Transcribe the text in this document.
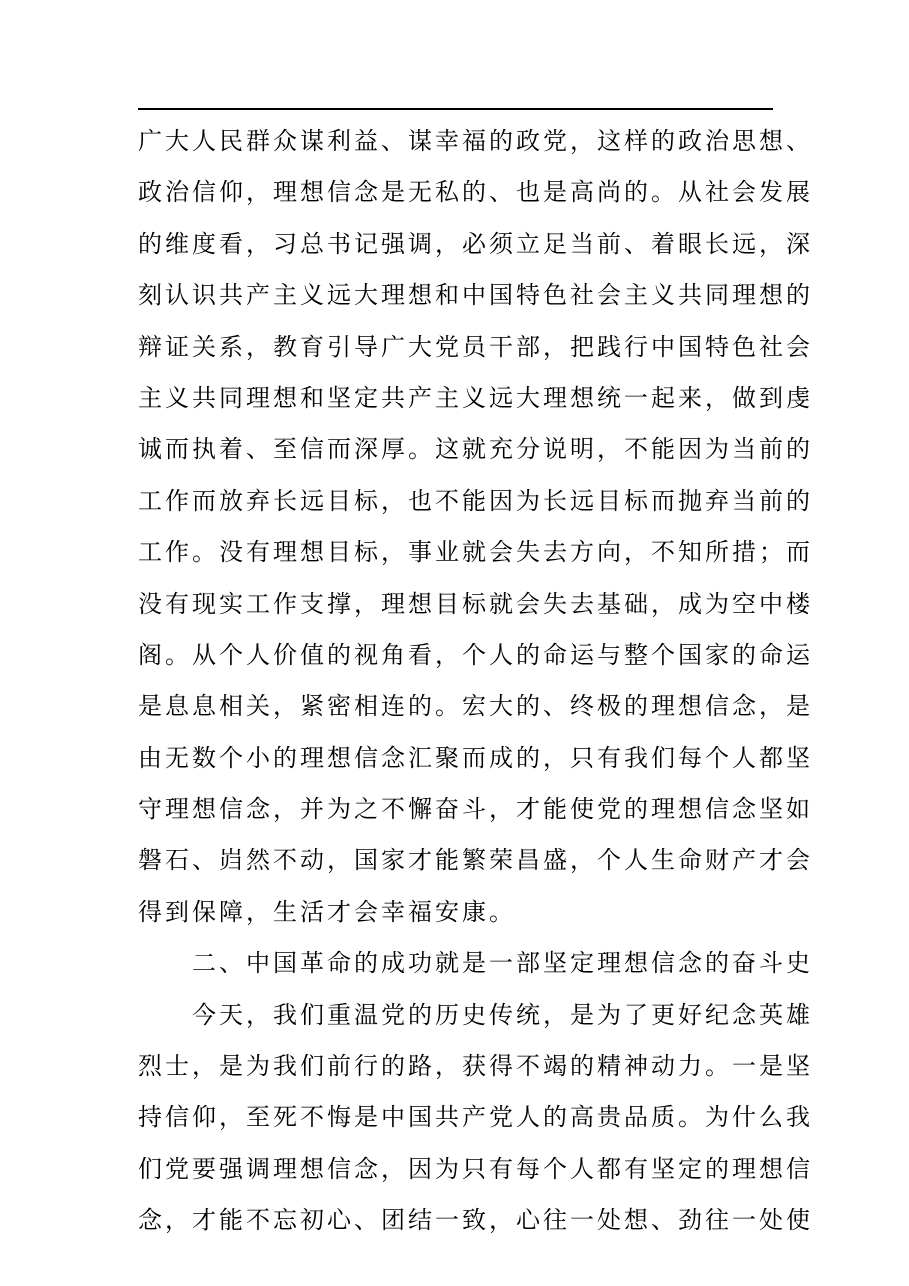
广大人民群众谋利益、谋幸福的政党，这样的政治思想、
政治信仰，理想信念是无私的、也是高尚的。从社会发展
的维度看，习总书记强调，必须立足当前、着眼长远，深
刻认识共产主义远大理想和中国特色社会主义共同理想的
辩证关系，教育引导广大党员干部，把践行中国特色社会
主义共同理想和坚定共产主义远大理想统一起来，做到虔
诚而执着、至信而深厚。这就充分说明，不能因为当前的
工作而放弃长远目标，也不能因为长远目标而抛弃当前的
工作。没有理想目标，事业就会失去方向，不知所措；而
没有现实工作支撑，理想目标就会失去基础，成为空中楼
阁。从个人价值的视角看，个人的命运与整个国家的命运
是息息相关，紧密相连的。宏大的、终极的理想信念，是
由无数个小的理想信念汇聚而成的，只有我们每个人都坚
守理想信念，并为之不懈奋斗，才能使党的理想信念坚如
磐石、岿然不动，国家才能繁荣昌盛，个人生命财产才会
得到保障，生活才会幸福安康。
二、中国革命的成功就是一部坚定理想信念的奋斗史
今天，我们重温党的历史传统，是为了更好纪念英雄
烈士，是为我们前行的路，获得不竭的精神动力。一是坚
持信仰，至死不悔是中国共产党人的高贵品质。为什么我
们党要强调理想信念，因为只有每个人都有坚定的理想信
念，才能不忘初心、团结一致，心往一处想、劲往一处使
